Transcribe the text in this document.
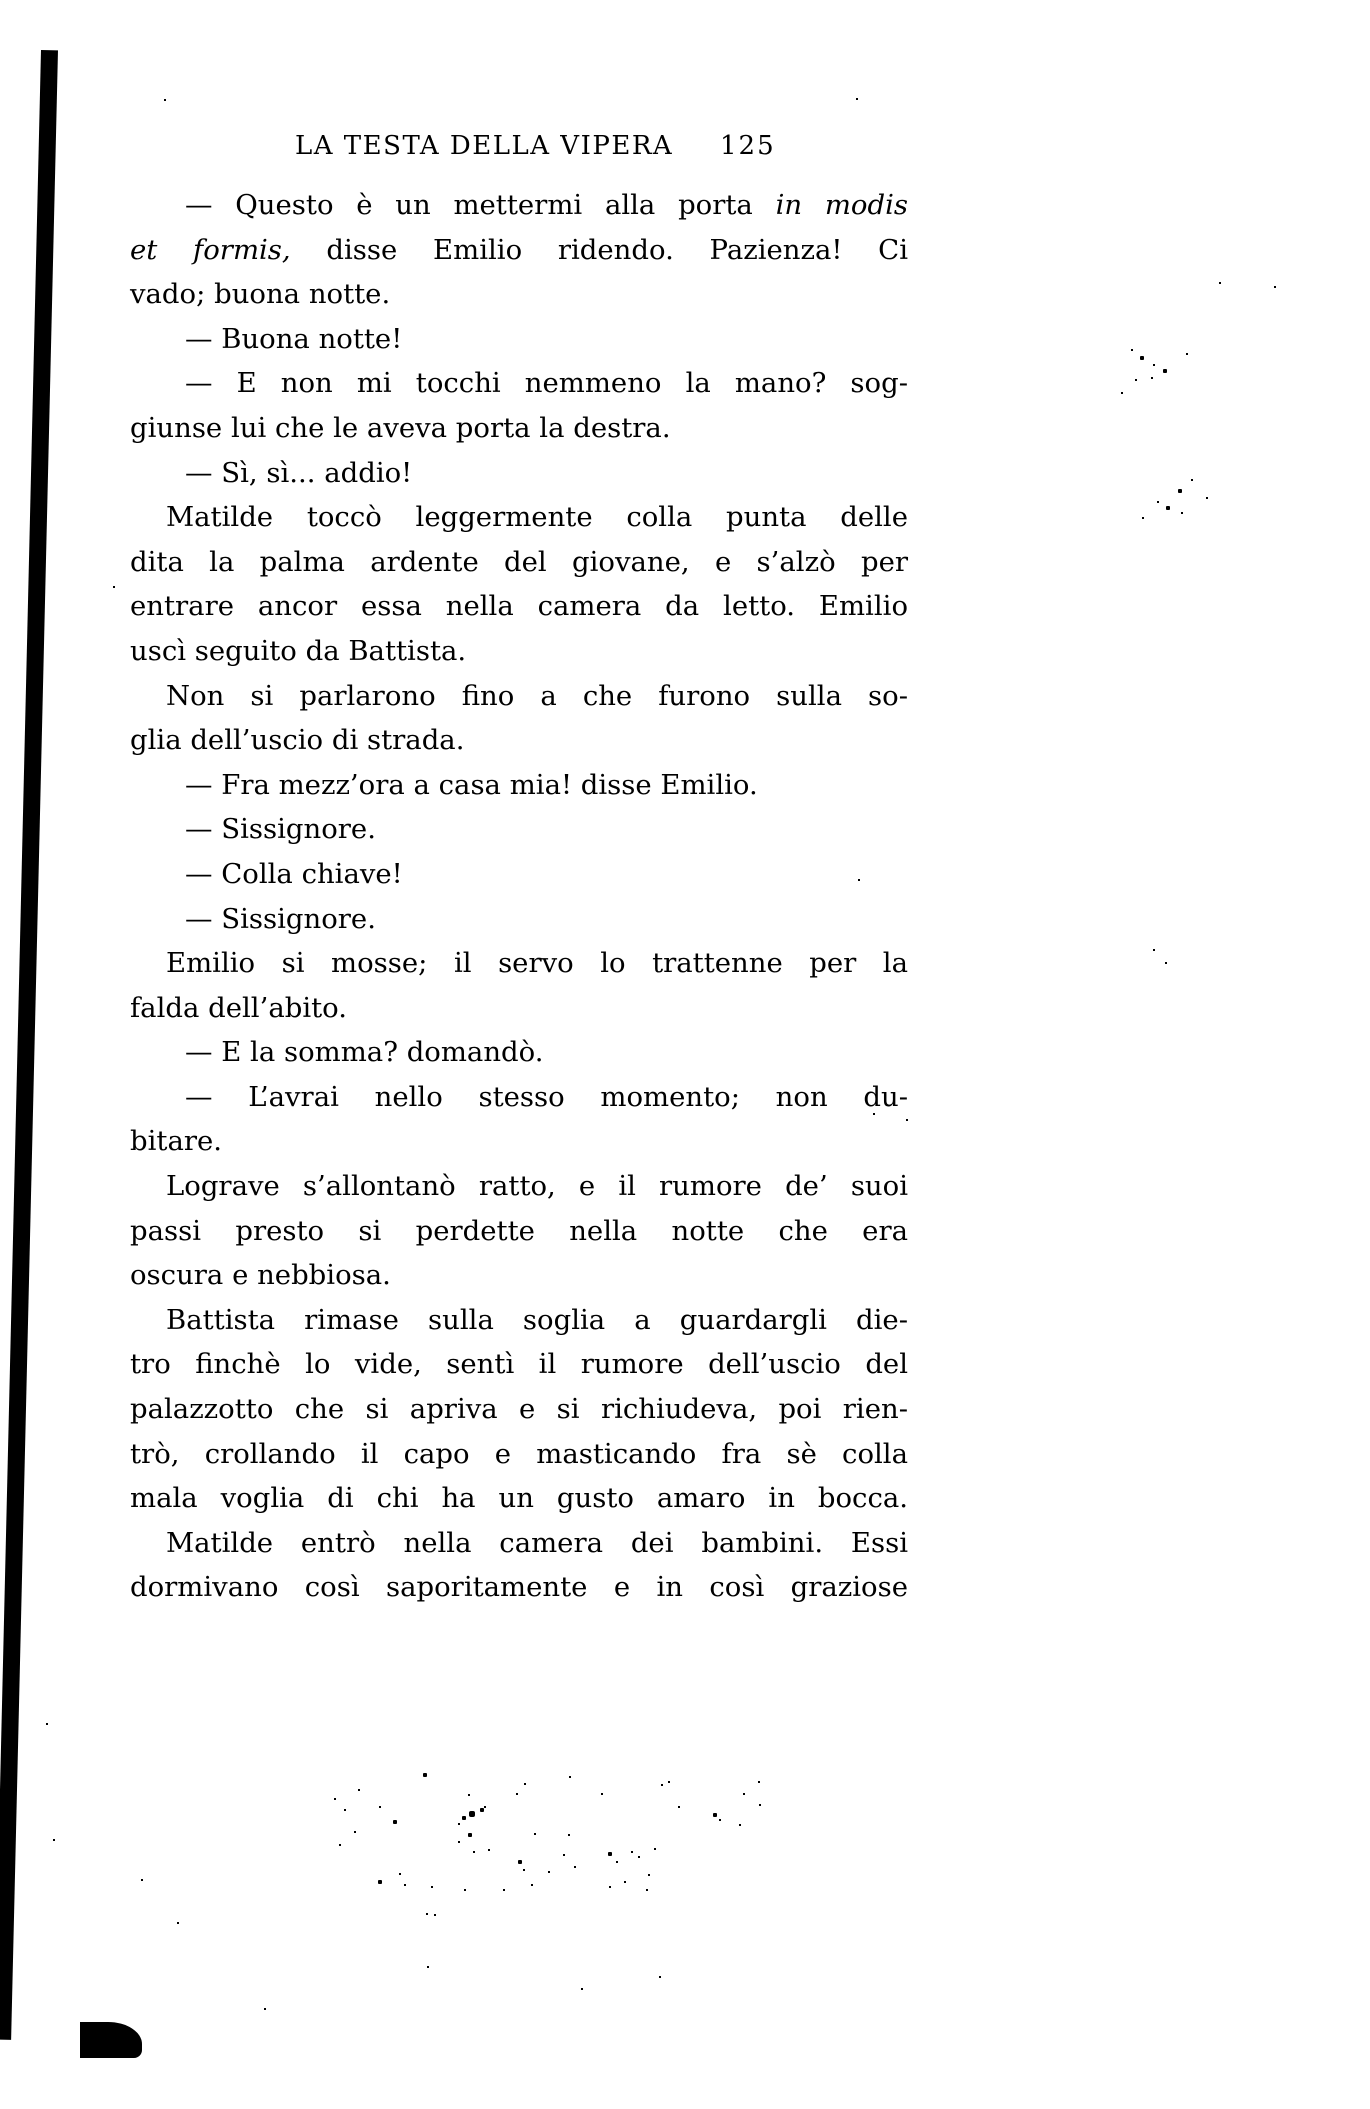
LA TESTA DELLA VIPERA 125
— Questo è un mettermi alla porta in modis
et formis, disse Emilio ridendo. Pazienza! Ci
vado; buona notte.
— Buona notte!
— E non mi tocchi nemmeno la mano? sog-
giunse lui che le aveva porta la destra.
— Sì, sì... addio!
Matilde toccò leggermente colla punta delle
dita la palma ardente del giovane, e s’alzò per
entrare ancor essa nella camera da letto. Emilio
uscì seguito da Battista.
Non si parlarono fino a che furono sulla so-
glia dell’uscio di strada.
— Fra mezz’ora a casa mia! disse Emilio.
— Sissignore.
— Colla chiave!
— Sissignore.
Emilio si mosse; il servo lo trattenne per la
falda dell’abito.
— E la somma? domandò.
— L’avrai nello stesso momento; non du-
bitare.
Lograve s’allontanò ratto, e il rumore de’ suoi
passi presto si perdette nella notte che era
oscura e nebbiosa.
Battista rimase sulla soglia a guardargli die-
tro finchè lo vide, sentì il rumore dell’uscio del
palazzotto che si apriva e si richiudeva, poi rien-
trò, crollando il capo e masticando fra sè colla
mala voglia di chi ha un gusto amaro in bocca.
Matilde entrò nella camera dei bambini. Essi
dormivano così saporitamente e in così graziose
